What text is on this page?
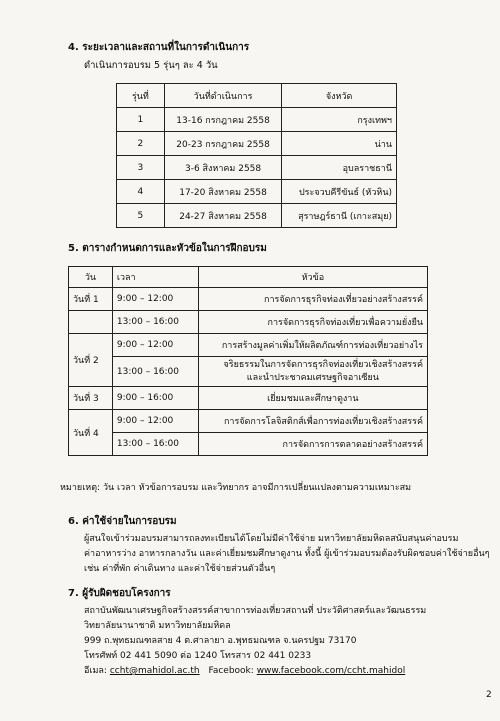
4. ระยะเวลาและสถานที่ในการดำเนินการ
ดำเนินการอบรม 5 รุ่นๆ ละ 4 วัน
รุ่นที่	วันที่ดำเนินการ	จังหวัด
1	13-16 กรกฎาคม 2558	กรุงเทพฯ
2	20-23 กรกฎาคม 2558	น่าน
3	3-6 สิงหาคม 2558	อุบลราชธานี
4	17-20 สิงหาคม 2558	ประจวบคีรีขันธ์ (หัวหิน)
5	24-27 สิงหาคม 2558	สุราษฎร์ธานี (เกาะสมุย)
5. ตารางกำหนดการและหัวข้อในการฝึกอบรม
วัน	เวลา	หัวข้อ
วันที่ 1	9:00 – 12:00	การจัดการธุรกิจท่องเที่ยวอย่างสร้างสรรค์
	13:00 – 16:00	การจัดการธุรกิจท่องเที่ยวเพื่อความยั่งยืน
วันที่ 2	9:00 – 12:00	การสร้างมูลค่าเพิ่มให้ผลิตภัณฑ์การท่องเที่ยวอย่างไร
	13:00 – 16:00	จริยธรรมในการจัดการธุรกิจท่องเที่ยวเชิงสร้างสรรค์
และนำประชาคมเศรษฐกิจอาเซียน

วันที่ 3	9:00 – 16:00	เยี่ยมชมและศึกษาดูงาน
วันที่ 4	9:00 – 12:00	การจัดการโลจิสติกส์เพื่อการท่องเที่ยวเชิงสร้างสรรค์
	13:00 – 16:00	การจัดการการตลาดอย่างสร้างสรรค์
หมายเหตุ: วัน เวลา หัวข้อการอบรม และวิทยากร อาจมีการเปลี่ยนแปลงตามความเหมาะสม
6. ค่าใช้จ่ายในการอบรม
ผู้สนใจเข้าร่วมอบรมสามารถลงทะเบียนได้โดยไม่มีค่าใช้จ่าย มหาวิทยาลัยมหิดลสนับสนุนค่าอบรม
ค่าอาหารว่าง อาหารกลางวัน และค่าเยี่ยมชมศึกษาดูงาน ทั้งนี้ ผู้เข้าร่วมอบรมต้องรับผิดชอบค่าใช้จ่ายอื่นๆ
เช่น ค่าที่พัก ค่าเดินทาง และค่าใช้จ่ายส่วนตัวอื่นๆ
7. ผู้รับผิดชอบโครงการ
สถาบันพัฒนาเศรษฐกิจสร้างสรรค์สาขาการท่องเที่ยวสถานที่ ประวัติศาสตร์และวัฒนธรรม
วิทยาลัยนานาชาติ มหาวิทยาลัยมหิดล
999 ถ.พุทธมณฑลสาย 4 ต.ศาลายา อ.พุทธมณฑล จ.นครปฐม 73170
โทรศัพท์ 02 441 5090 ต่อ 1240 โทรสาร 02 441 0233
อีเมล: ccht@mahidol.ac.th Facebook: www.facebook.com/ccht.mahidol
2
